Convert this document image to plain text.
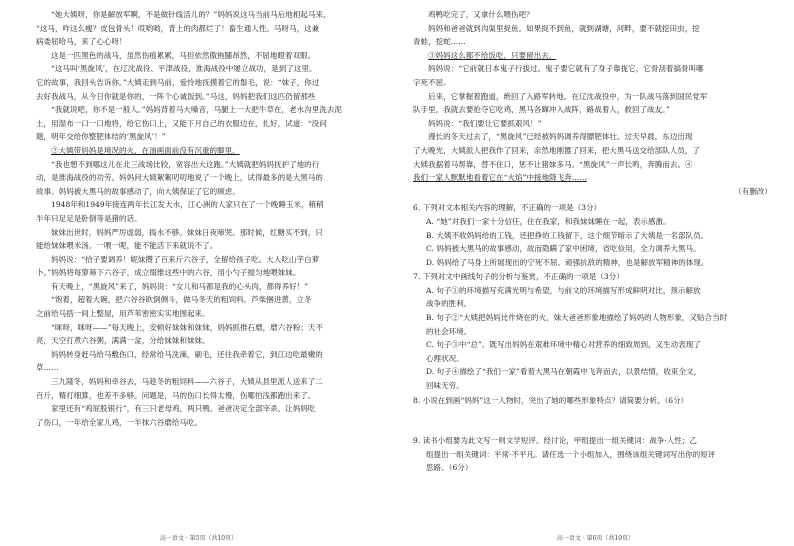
“她大姨呀，你是解放军啊，不是做针线活儿的？”妈妈说这马当前马后地相起马来，

“这马，咋这么瘦？皮包骨头！哎哟哟，背上的肉都烂了！畜生通人性。马呀马，这兼

病委屈哈马，来了心心呀！

这是一匹黑色的战马，虽然伤痕累累，马但依然傲拖脯昂然，不屈地瞪着双眼。

“这马叫‘黑旋风’，在辽沈战役、平津战役、淮海战役中屡立战功，是到了这里。

它的故事，我回头告诉你。”大姨走到马前，爱怜地抚摸着它的鬃毛，说：“妹子，你过

去好我战马，从今日你就是你的，一阵个心诚饭到。”马这，妈妈把我们这匹仍留那些

“我就说吧，你不是一般人。”妈妈背着马大嗓音，马腿上一大把牛草在，老水沟里洗去泥

土，用湿布一口一口地将，给它伤口上，又能下月自己的衣服边在，扎好，试道：“没问

题，明年交给你整肥体结的‘黑旋风’！”

②大姨带妈妈是境况的火，在油画面前没有沉重的脚里。

“我也想不到哪这儿在北三战场比较，宽容出大这跑。”大姨就把妈妈抚护了地的行

动，是淮海战役的功劳。妈妈问大姨絮絮叨叨地说了一个晚上，试得最多的是大黑马的

故事。妈妈被大黑马的故事感动了，向大姨保证了它的顾虑。

1948年和1949年接连两年长江发大水，江心洲的人家只在了一个晚睡玉米，稍稍

半年只足足是卧倒等是猪的话。

妹妹出世时，妈妈严厉虚弱，捣水不够。妹妹日夜啼哭。那时候，红糖买不到，只

能给妹妹喂米汤。一喂一呢，能不能活下来就说不了。

妈妈说：“拾子要调养！妮妹攒了百来斤六谷子，全留给孩子吃。大人吃山芋白萝

卜。”妈妈将每箩筛下六谷子，成立缀维这些中的六谷，用小勺子搅匀地喂妹妹。

有天晚上，“黑旋风”来了，妈妈说：“女儿和马都是我的心头肉，都得养好！”

“饱着，超着大碗，把六谷谷欧倒侧斗，做马冬天的粗饲料。芦柴捆进黄，立冬

之前给马搭一间上整屋，用芦苇密密实实地围起来。

“咪呀，咪呀——”每天晚上，安顿好妹妹和妹妹，妈妈抓推石磨，磨六谷粉；天不

亮，天空打煮六谷粥，满满一盆，分给妹妹和妹妹。

妈妈转身赶马给马敷伤口，经常给马洗澡，刷毛，还往我牵着它，到江边吃最嫩的

草……

三九隆冬，妈妈和牵谷去，马趁冬的粗饲料——六谷子，大姨从县里派人送来了二

百斤，精打细算，也差不多够。问题是，马的伤口长得太慢，伤哪怕浅都跑出来了。

家里还有“鸡屁股银行”，有三只老母鸡，两只鸭。爸爸决定全部宰杀，让妈妈吃

了伤口，一年给全家儿鸡，一半抹六谷磨给马吃。

高一语文 · 第5页（共10页）

鸡鸭吃完了，又拿什么喂伤吧？

妈妈和爸爸就到沟渠里捉鱼。如果捉不到鱼，就到湖塘，河畔，要不就挖田虫，挖

青蛙，挖蛇……

③妈妈这么都不给饭吃，只要留出去。

妈妈说：“它前就日本鬼子行拔过。鬼子要它就有了身子靠拢它，它骨刮着搞骨叫嘟

字死不屈。

后来，它掌握着跑道，绝回了入路军转地。在辽沈战役中，为一队战马落到国民党军

队手里，我就去要抢夺它吃鸡，黑马各蹿冲入战阵，路战着人，救回了战友。”

妈妈说：“我们要让它要抓艰风！”

漫长的冬天过去了，“黑旋风”已经被妈妈调养得膘肥体壮。过天早晨，东边出现

了大晚光，大姨派人把我作了回来，亲然地刚嚣了回来，把大黑马送交给部队人员，了

大姨我据着马帮靠，替不住口，惩不让猪妹多马。“黑旋风”一声长鸣，奔腾而去。④

我们一家人默默地看着它在“火焰”中接地降飞奔……

（有删改）

6. 下列对文本相关内容的理解，不正确的一项是（3分）

A. “她”对我们一家十分信任，住在我家，和我妹妹睡在一起，表示感激。

B. 大姨不收妈妈给的工钱，还把挣的工钱留下，这个细节暗示了大姨是一名部队员。

C. 妈妈被大黑马的故事感动，故而隐瞒了家中困境，省吃俭用，全力调养大黑马。

D. 妈妈给了马身上所展现出的宁死不屈、顽强抗敌的精神，也是解放军精神的体现。

7. 下列对文中画线句子的分析与鉴赏，不正确的一项是（3分）

A. 句子①的环境描写充满光明与希望，与前文的环境描写形成鲜明对比，预示解放

战争的胜利。

B. 句子②“大姨把妈妈比作烧在的火，妹大爸爸形象地描绘了妈妈的人物形象，又贴合当时

的社会环境。

C. 句子③中“总”，既写出妈妈在艰难环境中精心对营养的细致周到，又生动表现了

心理状况。

D. 句子④描绘了“我们一家”看着大黑马在朝霞中飞奔而去，以景结情，收束全文，

回味无穷。

8. 小说在到画“妈妈”这一人物时，突出了她的哪些形象特点？请简要分析。（6分）

9. 读书小组要为此文写一则文学短评。经讨论，甲组提出一组关键词：战争·人性；乙

组提出一组关键词：平常·不平凡。请任选一个小组加入，围绕该组关键词写出你的短评

思路。（6分）

高一语文 · 第6页（共10页）
